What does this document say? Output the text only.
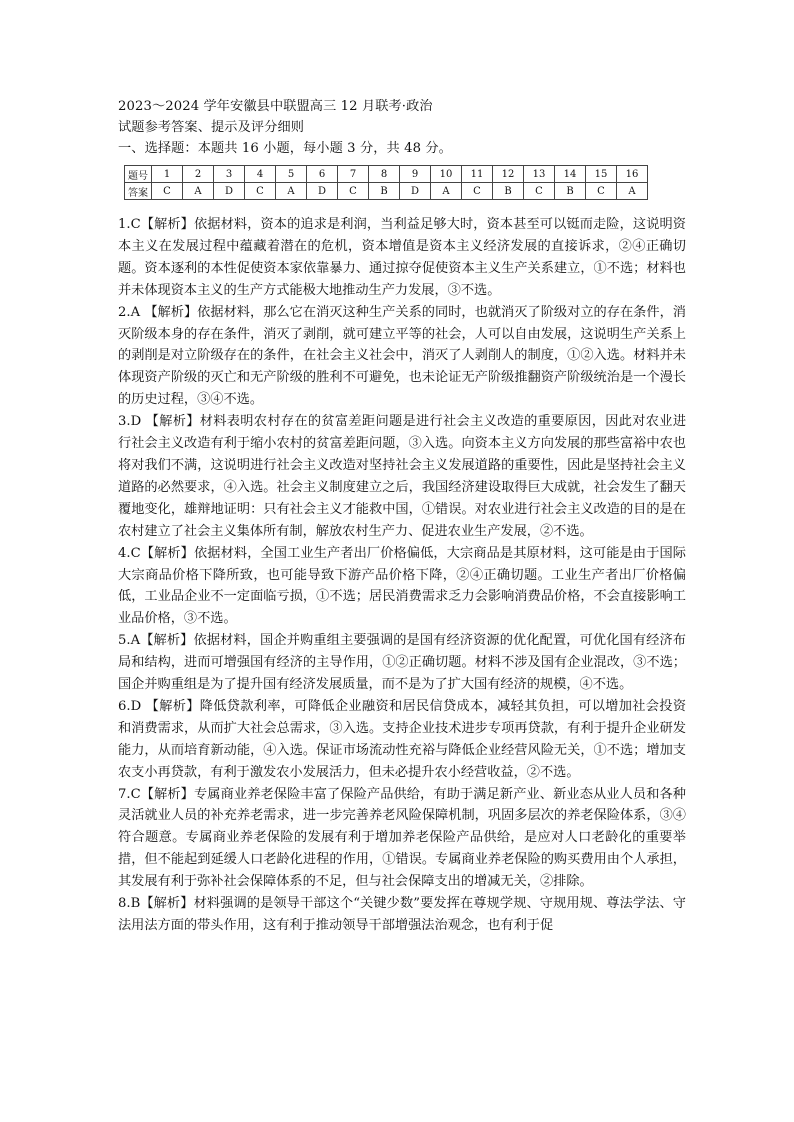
2023～2024 学年安徽县中联盟高三 12 月联考·政治
试题参考答案、提示及评分细则
一、选择题：本题共 16 小题，每小题 3 分，共 48 分。
题号	1	2	3	4	5	6	7	8	9	10	11	12	13	14	15	16
答案	C	A	D	C	A	D	C	B	D	A	C	B	C	B	C	A

1.C【解析】依据材料，资本的追求是利润，当利益足够大时，资本甚至可以铤而走险，这说明资本主义在发展过程中蕴藏着潜在的危机，资本增值是资本主义经济发展的直接诉求，②④正确切题。资本逐利的本性促使资本家依靠暴力、通过掠夺促使资本主义生产关系建立，①不选；材料也并未体现资本主义的生产方式能极大地推动生产力发展，③不选。

2.A 【解析】依据材料，那么它在消灭这种生产关系的同时，也就消灭了阶级对立的存在条件，消灭阶级本身的存在条件，消灭了剥削，就可建立平等的社会，人可以自由发展，这说明生产关系上的剥削是对立阶级存在的条件，在社会主义社会中，消灭了人剥削人的制度，①②入选。材料并未体现资产阶级的灭亡和无产阶级的胜利不可避免，也未论证无产阶级推翻资产阶级统治是一个漫长的历史过程，③④不选。

3.D 【解析】材料表明农村存在的贫富差距问题是进行社会主义改造的重要原因，因此对农业进行社会主义改造有利于缩小农村的贫富差距问题，③入选。向资本主义方向发展的那些富裕中农也将对我们不满，这说明进行社会主义改造对坚持社会主义发展道路的重要性，因此是坚持社会主义道路的必然要求，④入选。社会主义制度建立之后，我国经济建设取得巨大成就，社会发生了翻天覆地变化，雄辩地证明：只有社会主义才能救中国，①错误。对农业进行社会主义改造的目的是在农村建立了社会主义集体所有制，解放农村生产力、促进农业生产发展，②不选。

4.C【解析】依据材料，全国工业生产者出厂价格偏低，大宗商品是其原材料，这可能是由于国际大宗商品价格下降所致，也可能导致下游产品价格下降，②④正确切题。工业生产者出厂价格偏低，工业品企业不一定面临亏损，①不选；居民消费需求乏力会影响消费品价格，不会直接影响工业品价格，③不选。

5.A【解析】依据材料，国企并购重组主要强调的是国有经济资源的优化配置，可优化国有经济布局和结构，进而可增强国有经济的主导作用，①②正确切题。材料不涉及国有企业混改，③不选；国企并购重组是为了提升国有经济发展质量，而不是为了扩大国有经济的规模，④不选。

6.D 【解析】降低贷款利率，可降低企业融资和居民信贷成本，减轻其负担，可以增加社会投资和消费需求，从而扩大社会总需求，③入选。支持企业技术进步专项再贷款，有利于提升企业研发能力，从而培育新动能，④入选。保证市场流动性充裕与降低企业经营风险无关，①不选；增加支农支小再贷款，有利于激发农小发展活力，但未必提升农小经营收益，②不选。

7.C【解析】专属商业养老保险丰富了保险产品供给，有助于满足新产业、新业态从业人员和各种灵活就业人员的补充养老需求，进一步完善养老风险保障机制，巩固多层次的养老保险体系，③④符合题意。专属商业养老保险的发展有利于增加养老保险产品供给，是应对人口老龄化的重要举措，但不能起到延缓人口老龄化进程的作用，①错误。专属商业养老保险的购买费用由个人承担，其发展有利于弥补社会保障体系的不足，但与社会保障支出的增减无关，②排除。

8.B【解析】材料强调的是领导干部这个“关键少数”要发挥在尊规学规、守规用规、尊法学法、守法用法方面的带头作用，这有利于推动领导干部增强法治观念，也有利于促
